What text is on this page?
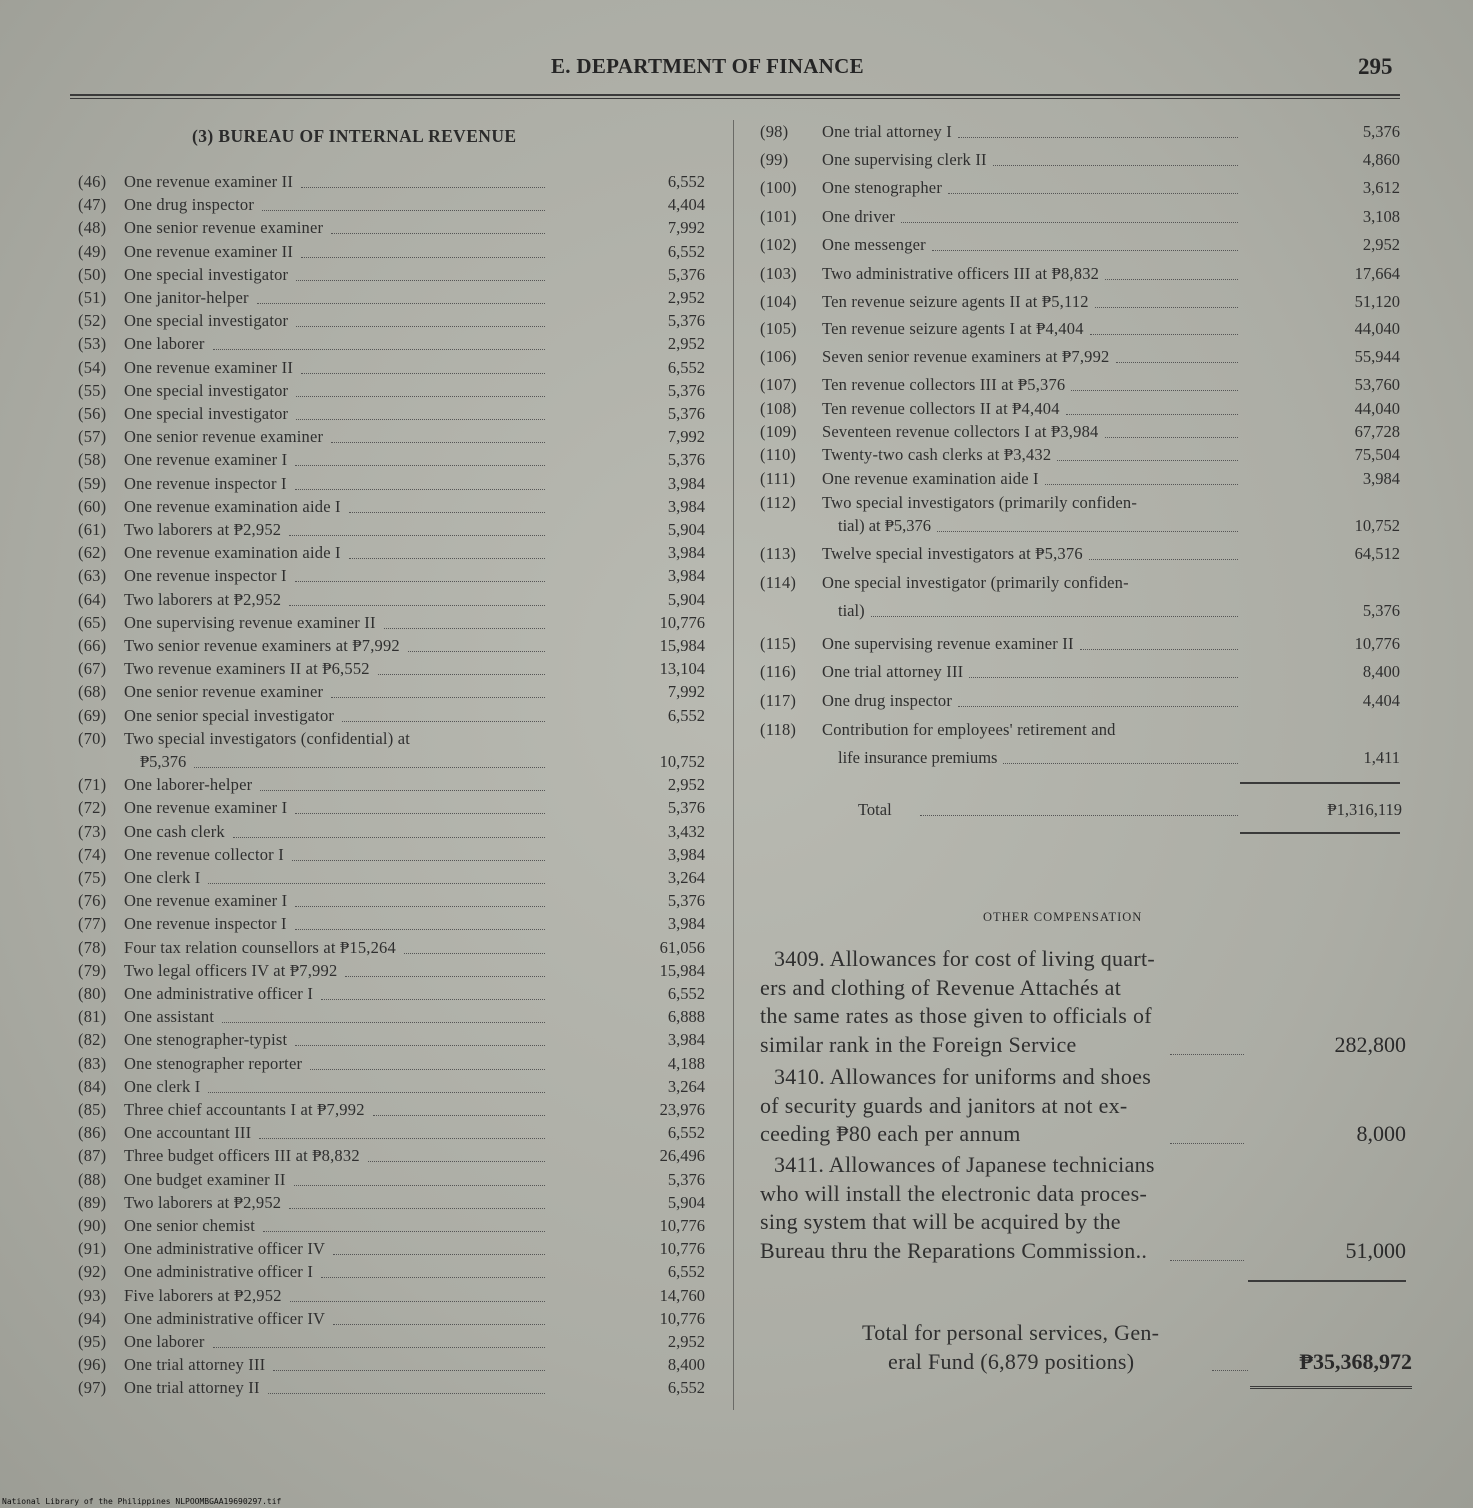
E. DEPARTMENT OF FINANCE	295
(3) BUREAU OF INTERNAL REVENUE
(46) One revenue examiner II	6,552
(47) One drug inspector	4,404
(48) One senior revenue examiner	7,992
(49) One revenue examiner II	6,552
(50) One special investigator	5,376
(51) One janitor-helper	2,952
(52) One special investigator	5,376
(53) One laborer	2,952
(54) One revenue examiner II	6,552
(55) One special investigator	5,376
(56) One special investigator	5,376
(57) One senior revenue examiner	7,992
(58) One revenue examiner I	5,376
(59) One revenue inspector I	3,984
(60) One revenue examination aide I	3,984
(61) Two laborers at ₱2,952	5,904
(62) One revenue examination aide I	3,984
(63) One revenue inspector I	3,984
(64) Two laborers at ₱2,952	5,904
(65) One supervising revenue examiner II	10,776
(66) Two senior revenue examiners at ₱7,992	15,984
(67) Two revenue examiners II at ₱6,552	13,104
(68) One senior revenue examiner	7,992
(69) One senior special investigator	6,552
(70) Two special investigators (confidential) at
₱5,376	10,752
(71) One laborer-helper	2,952
(72) One revenue examiner I	5,376
(73) One cash clerk	3,432
(74) One revenue collector I	3,984
(75) One clerk I	3,264
(76) One revenue examiner I	5,376
(77) One revenue inspector I	3,984
(78) Four tax relation counsellors at ₱15,264	61,056
(79) Two legal officers IV at ₱7,992	15,984
(80) One administrative officer I	6,552
(81) One assistant	6,888
(82) One stenographer-typist	3,984
(83) One stenographer reporter	4,188
(84) One clerk I	3,264
(85) Three chief accountants I at ₱7,992	23,976
(86) One accountant III	6,552
(87) Three budget officers III at ₱8,832	26,496
(88) One budget examiner II	5,376
(89) Two laborers at ₱2,952	5,904
(90) One senior chemist	10,776
(91) One administrative officer IV	10,776
(92) One administrative officer I	6,552
(93) Five laborers at ₱2,952	14,760
(94) One administrative officer IV	10,776
(95) One laborer	2,952
(96) One trial attorney III	8,400
(97) One trial attorney II	6,552
(98) One trial attorney I	5,376
(99) One supervising clerk II	4,860
(100) One stenographer	3,612
(101) One driver	3,108
(102) One messenger	2,952
(103) Two administrative officers III at ₱8,832	17,664
(104) Ten revenue seizure agents II at ₱5,112	51,120
(105) Ten revenue seizure agents I at ₱4,404	44,040
(106) Seven senior revenue examiners at ₱7,992	55,944
(107) Ten revenue collectors III at ₱5,376	53,760
(108) Ten revenue collectors II at ₱4,404	44,040
(109) Seventeen revenue collectors I at ₱3,984	67,728
(110) Twenty-two cash clerks at ₱3,432	75,504
(111) One revenue examination aide I	3,984
(112) Two special investigators (primarily confiden-
tial) at ₱5,376	10,752
(113) Twelve special investigators at ₱5,376	64,512
(114) One special investigator (primarily confiden-
tial)	5,376
(115) One supervising revenue examiner II	10,776
(116) One trial attorney III	8,400
(117) One drug inspector	4,404
(118) Contribution for employees' retirement and
life insurance premiums	1,411
Total	₱1,316,119
OTHER COMPENSATION
3409. Allowances for cost of living quart-
ers and clothing of Revenue Attachés at
the same rates as those given to officials of
similar rank in the Foreign Service	282,800
3410. Allowances for uniforms and shoes
of security guards and janitors at not ex-
ceeding ₱80 each per annum	8,000
3411. Allowances of Japanese technicians
who will install the electronic data proces-
sing system that will be acquired by the
Bureau thru the Reparations Commission..	51,000
Total for personal services, Gen-
eral Fund (6,879 positions)	₱35,368,972
National Library of the Philippines NLPOOMBGAA19690297.tif
